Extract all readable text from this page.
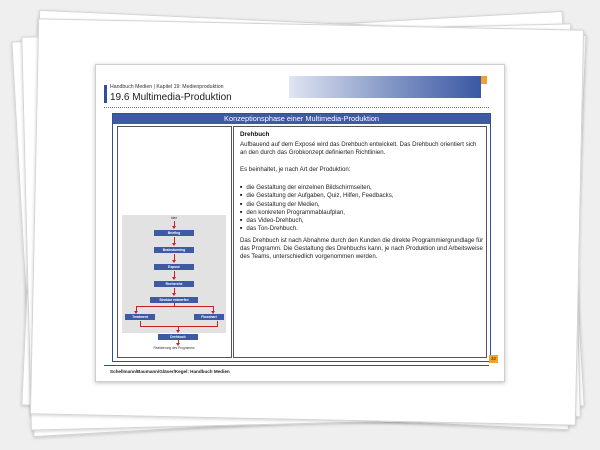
Handbuch Medien | Kapitel 19: Medienproduktion
19.6 Multimedia-Produktion
Konzeptionsphase einer Multimedia-Produktion
Idee
Briefing
Brainstorming
Exposé
Recherche
Struktur entwerfen
Treatment	Flowchart
Drehbuch
Realisierung des Programms
Drehbuch
Aufbauend auf dem Exposé wird das Drehbuch entwickelt. Das Drehbuch orientiert sich an den durch das Grobkonzept definierten Richtlinien.
Es beinhaltet, je nach Art der Produktion:
■ die Gestaltung der einzelnen Bildschirmseiten,
■ die Gestaltung der Aufgaben, Quiz, Hilfen, Feedbacks,
■ die Gestaltung der Medien,
■ den konkreten Programmablaufplan,
■ das Video-Drehbuch,
■ das Ton-Drehbuch.
Das Drehbuch ist nach Abnahme durch den Kunden die direkte Programmiergrundlage für das Programm. Die Gestaltung des Drehbuchs kann, je nach Produktion und Arbeitsweise des Teams, unterschiedlich vorgenommen werden.
32
Schellmann/Baumann/Gläser/Kegel: Handbuch Medien
